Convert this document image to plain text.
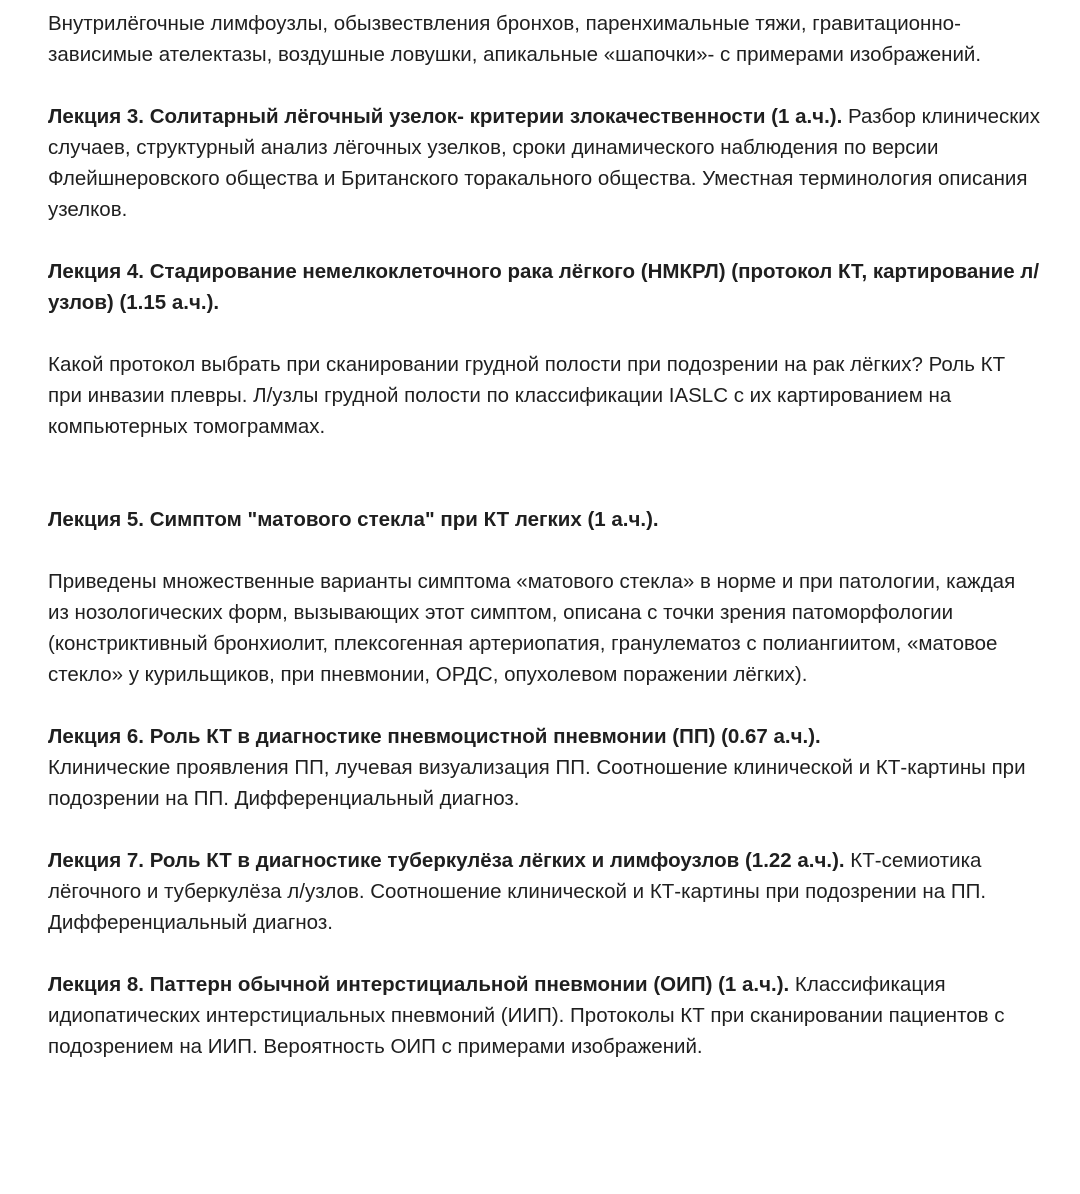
Внутрилёгочные лимфоузлы, обызвествления бронхов, паренхимальные тяжи, гравитационно-зависимые ателектазы, воздушные ловушки, апикальные «шапочки»- с примерами изображений.

Лекция 3. Солитарный лёгочный узелок- критерии злокачественности (1 а.ч.). Разбор клинических случаев, структурный анализ лёгочных узелков, сроки динамического наблюдения по версии Флейшнеровского общества и Британского торакального общества. Уместная терминология описания узелков.

Лекция 4. Стадирование немелкоклеточного рака лёгкого (НМКРЛ) (протокол КТ, картирование л/узлов) (1.15 а.ч.).

Какой протокол выбрать при сканировании грудной полости при подозрении на рак лёгких? Роль КТ при инвазии плевры. Л/узлы грудной полости по классификации IASLC с их картированием на компьютерных томограммах.

Лекция 5. Симптом "матового стекла" при КТ легких (1 а.ч.).

Приведены множественные варианты симптома «матового стекла» в норме и при патологии, каждая из нозологических форм, вызывающих этот симптом, описана с точки зрения патоморфологии (констриктивный бронхиолит, плексогенная артериопатия, гранулематоз с полиангиитом, «матовое стекло» у курильщиков, при пневмонии, ОРДС, опухолевом поражении лёгких).

Лекция 6. Роль КТ в диагностике пневмоцистной пневмонии (ПП) (0.67 а.ч.).
Клинические проявления ПП, лучевая визуализация ПП. Соотношение клинической и КТ-картины при подозрении на ПП. Дифференциальный диагноз.

Лекция 7. Роль КТ в диагностике туберкулёза лёгких и лимфоузлов (1.22 а.ч.). КТ-семиотика лёгочного и туберкулёза л/узлов. Соотношение клинической и КТ-картины при подозрении на ПП. Дифференциальный диагноз.

Лекция 8. Паттерн обычной интерстициальной пневмонии (ОИП) (1 а.ч.). Классификация идиопатических интерстициальных пневмоний (ИИП). Протоколы КТ при сканировании пациентов с подозрением на ИИП. Вероятность ОИП с примерами изображений.
